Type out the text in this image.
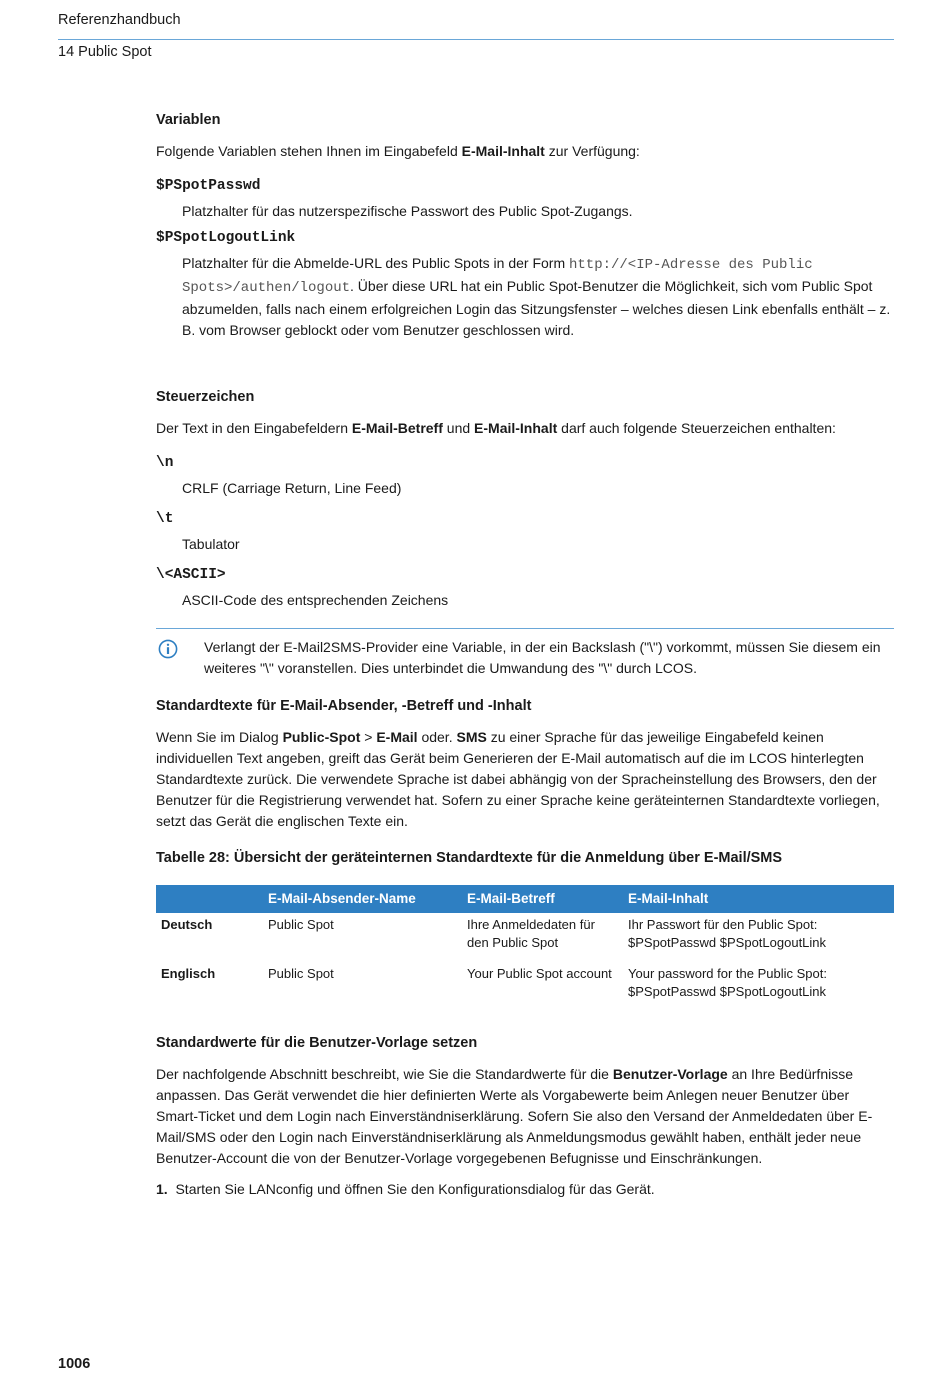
Referenzhandbuch
14 Public Spot
Variablen

Folgende Variablen stehen Ihnen im Eingabefeld E-Mail-Inhalt zur Verfügung:

$PSpotPasswd

Platzhalter für das nutzerspezifische Passwort des Public Spot-Zugangs.

$PSpotLogoutLink

Platzhalter für die Abmelde-URL des Public Spots in der Form http://<IP-Adresse des Public Spots>/authen/logout. Über diese URL hat ein Public Spot-Benutzer die Möglichkeit, sich vom Public Spot abzumelden, falls nach einem erfolgreichen Login das Sitzungsfenster – welches diesen Link ebenfalls enthält – z. B. vom Browser geblockt oder vom Benutzer geschlossen wird.

Steuerzeichen

Der Text in den Eingabefeldern E-Mail-Betreff und E-Mail-Inhalt darf auch folgende Steuerzeichen enthalten:

\n

CRLF (Carriage Return, Line Feed)

\t

Tabulator

\<ASCII>

ASCII-Code des entsprechenden Zeichens

Verlangt der E-Mail2SMS-Provider eine Variable, in der ein Backslash ("\") vorkommt, müssen Sie diesem ein weiteres "\" voranstellen. Dies unterbindet die Umwandung des "\" durch LCOS.

Standardtexte für E-Mail-Absender, -Betreff und -Inhalt

Wenn Sie im Dialog Public-Spot > E-Mail oder. SMS zu einer Sprache für das jeweilige Eingabefeld keinen individuellen Text angeben, greift das Gerät beim Generieren der E-Mail automatisch auf die im LCOS hinterlegten Standardtexte zurück. Die verwendete Sprache ist dabei abhängig von der Spracheinstellung des Browsers, den der Benutzer für die Registrierung verwendet hat. Sofern zu einer Sprache keine geräteinternen Standardtexte vorliegen, setzt das Gerät die englischen Texte ein.

Tabelle 28: Übersicht der geräteinternen Standardtexte für die Anmeldung über E-Mail/SMS
	E-Mail-Absender-Name	E-Mail-Betreff	E-Mail-Inhalt
Deutsch	Public Spot	Ihre Anmeldedaten für den Public Spot	Ihr Passwort für den Public Spot: $PSpotPasswd $PSpotLogoutLink
Englisch	Public Spot	Your Public Spot account	Your password for the Public Spot: $PSpotPasswd $PSpotLogoutLink
Standardwerte für die Benutzer-Vorlage setzen

Der nachfolgende Abschnitt beschreibt, wie Sie die Standardwerte für die Benutzer-Vorlage an Ihre Bedürfnisse anpassen. Das Gerät verwendet die hier definierten Werte als Vorgabewerte beim Anlegen neuer Benutzer über Smart-Ticket und dem Login nach Einverständniserklärung. Sofern Sie also den Versand der Anmeldedaten über E-Mail/SMS oder den Login nach Einverständniserklärung als Anmeldungsmodus gewählt haben, enthält jeder neue Benutzer-Account die von der Benutzer-Vorlage vorgegebenen Befugnisse und Einschränkungen.

1. Starten Sie LANconfig und öffnen Sie den Konfigurationsdialog für das Gerät.

1006
